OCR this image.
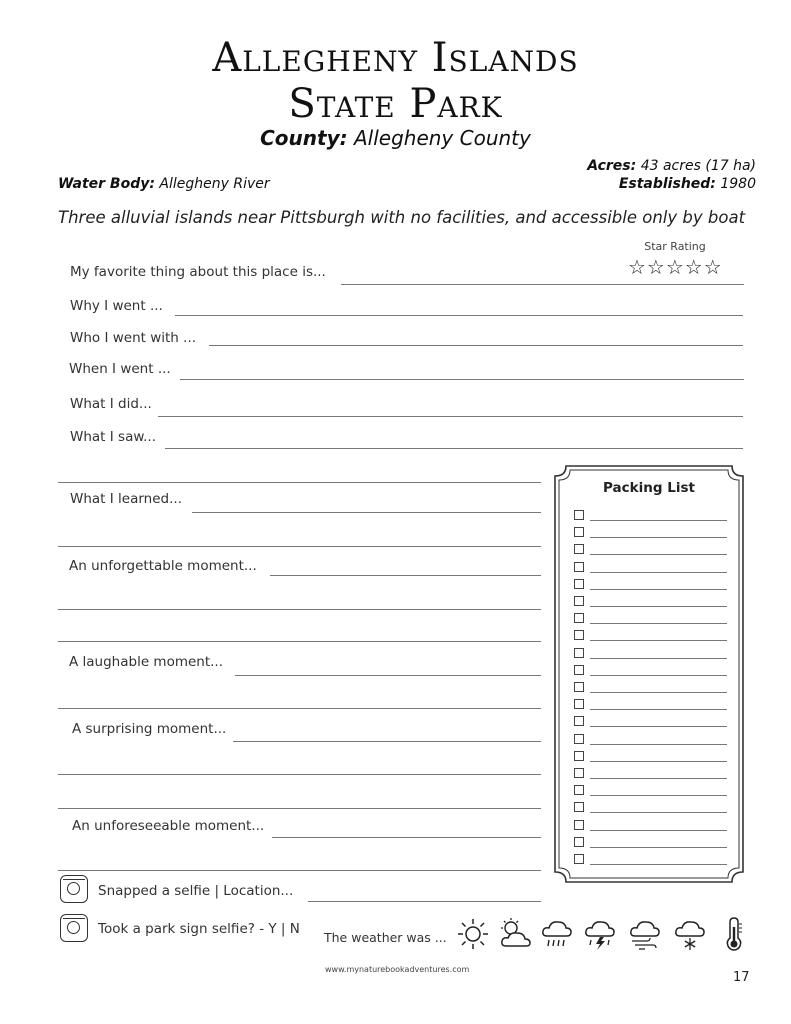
Allegheny Islands
State Park
County: Allegheny County
Acres: 43 acres (17 ha)
Water Body: Allegheny River	Established: 1980
Three alluvial islands near Pittsburgh with no facilities, and accessible only by boat
Star Rating
☆☆☆☆☆
My favorite thing about this place is...
Why I went ...
Who I went with ...
When I went ...
What I did...
What I saw...
What I learned...
An unforgettable moment...
A laughable moment...
A surprising moment...
An unforeseeable moment...
Packing List
Snapped a selfie | Location...
Took a park sign selfie? - Y | N
The weather was ...
www.mynaturebookadventures.com
17
